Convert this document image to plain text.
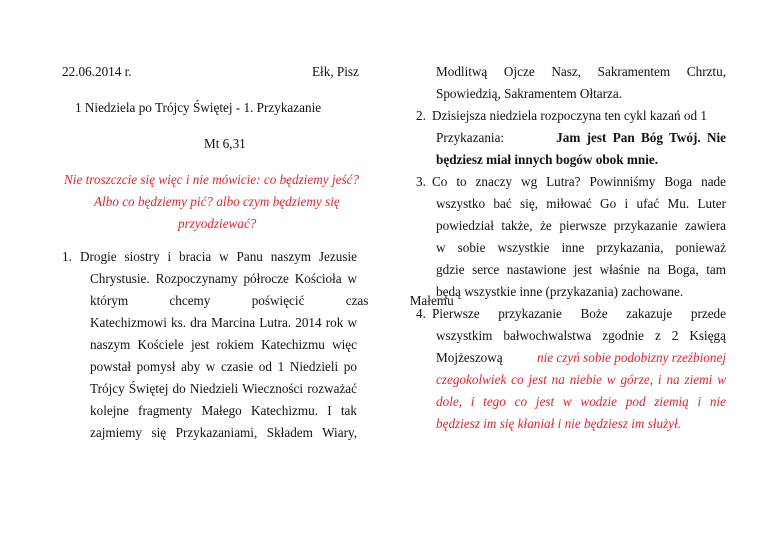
22.06.2014 r.	Ełk, Pisz
1 Niedziela po Trójcy Świętej - 1. Przykazanie
Mt 6,31
Nie troszczcie się więc i nie mówicie: co będziemy jeść?
Albo co będziemy pić? albo czym będziemy się
przyodziewać?
1. Drogie siostry i bracia w Panu naszym Jezusie
Chrystusie. Rozpoczynamy półrocze Kościoła w
którym chcemy poświęcić czas Małemu
Katechizmowi ks. dra Marcina Lutra. 2014 rok w
naszym Kościele jest rokiem Katechizmu więc
powstał pomysł aby w czasie od 1 Niedzieli po
Trójcy Świętej do Niedzieli Wieczności rozważać
kolejne fragmenty Małego Katechizmu. I tak
zajmiemy się Przykazaniami, Składem Wiary,
Modlitwą Ojcze Nasz, Sakramentem Chrztu,
Spowiedzią, Sakramentem Ołtarza.
2. Dzisiejsza niedziela rozpoczyna ten cykl kazań od 1
Przykazania:	Jam jest Pan Bóg Twój. Nie
będziesz miał innych bogów obok mnie.
3. Co to znaczy wg Lutra? Powinniśmy Boga nade
wszystko bać się, miłować Go i ufać Mu. Luter
powiedział także, że pierwsze przykazanie zawiera
w sobie wszystkie inne przykazania, ponieważ
gdzie serce nastawione jest właśnie na Boga, tam
będą wszystkie inne (przykazania) zachowane.
4. Pierwsze przykazanie Boże zakazuje przede
wszystkim bałwochwalstwa zgodnie z 2 Księgą
Mojżeszową	nie czyń sobie podobizny rzeźbionej
czegokolwiek co jest na niebie w górze, i na ziemi w
dole, i tego co jest w wodzie pod ziemią i nie
będziesz im się kłaniał i nie będziesz im służył.
